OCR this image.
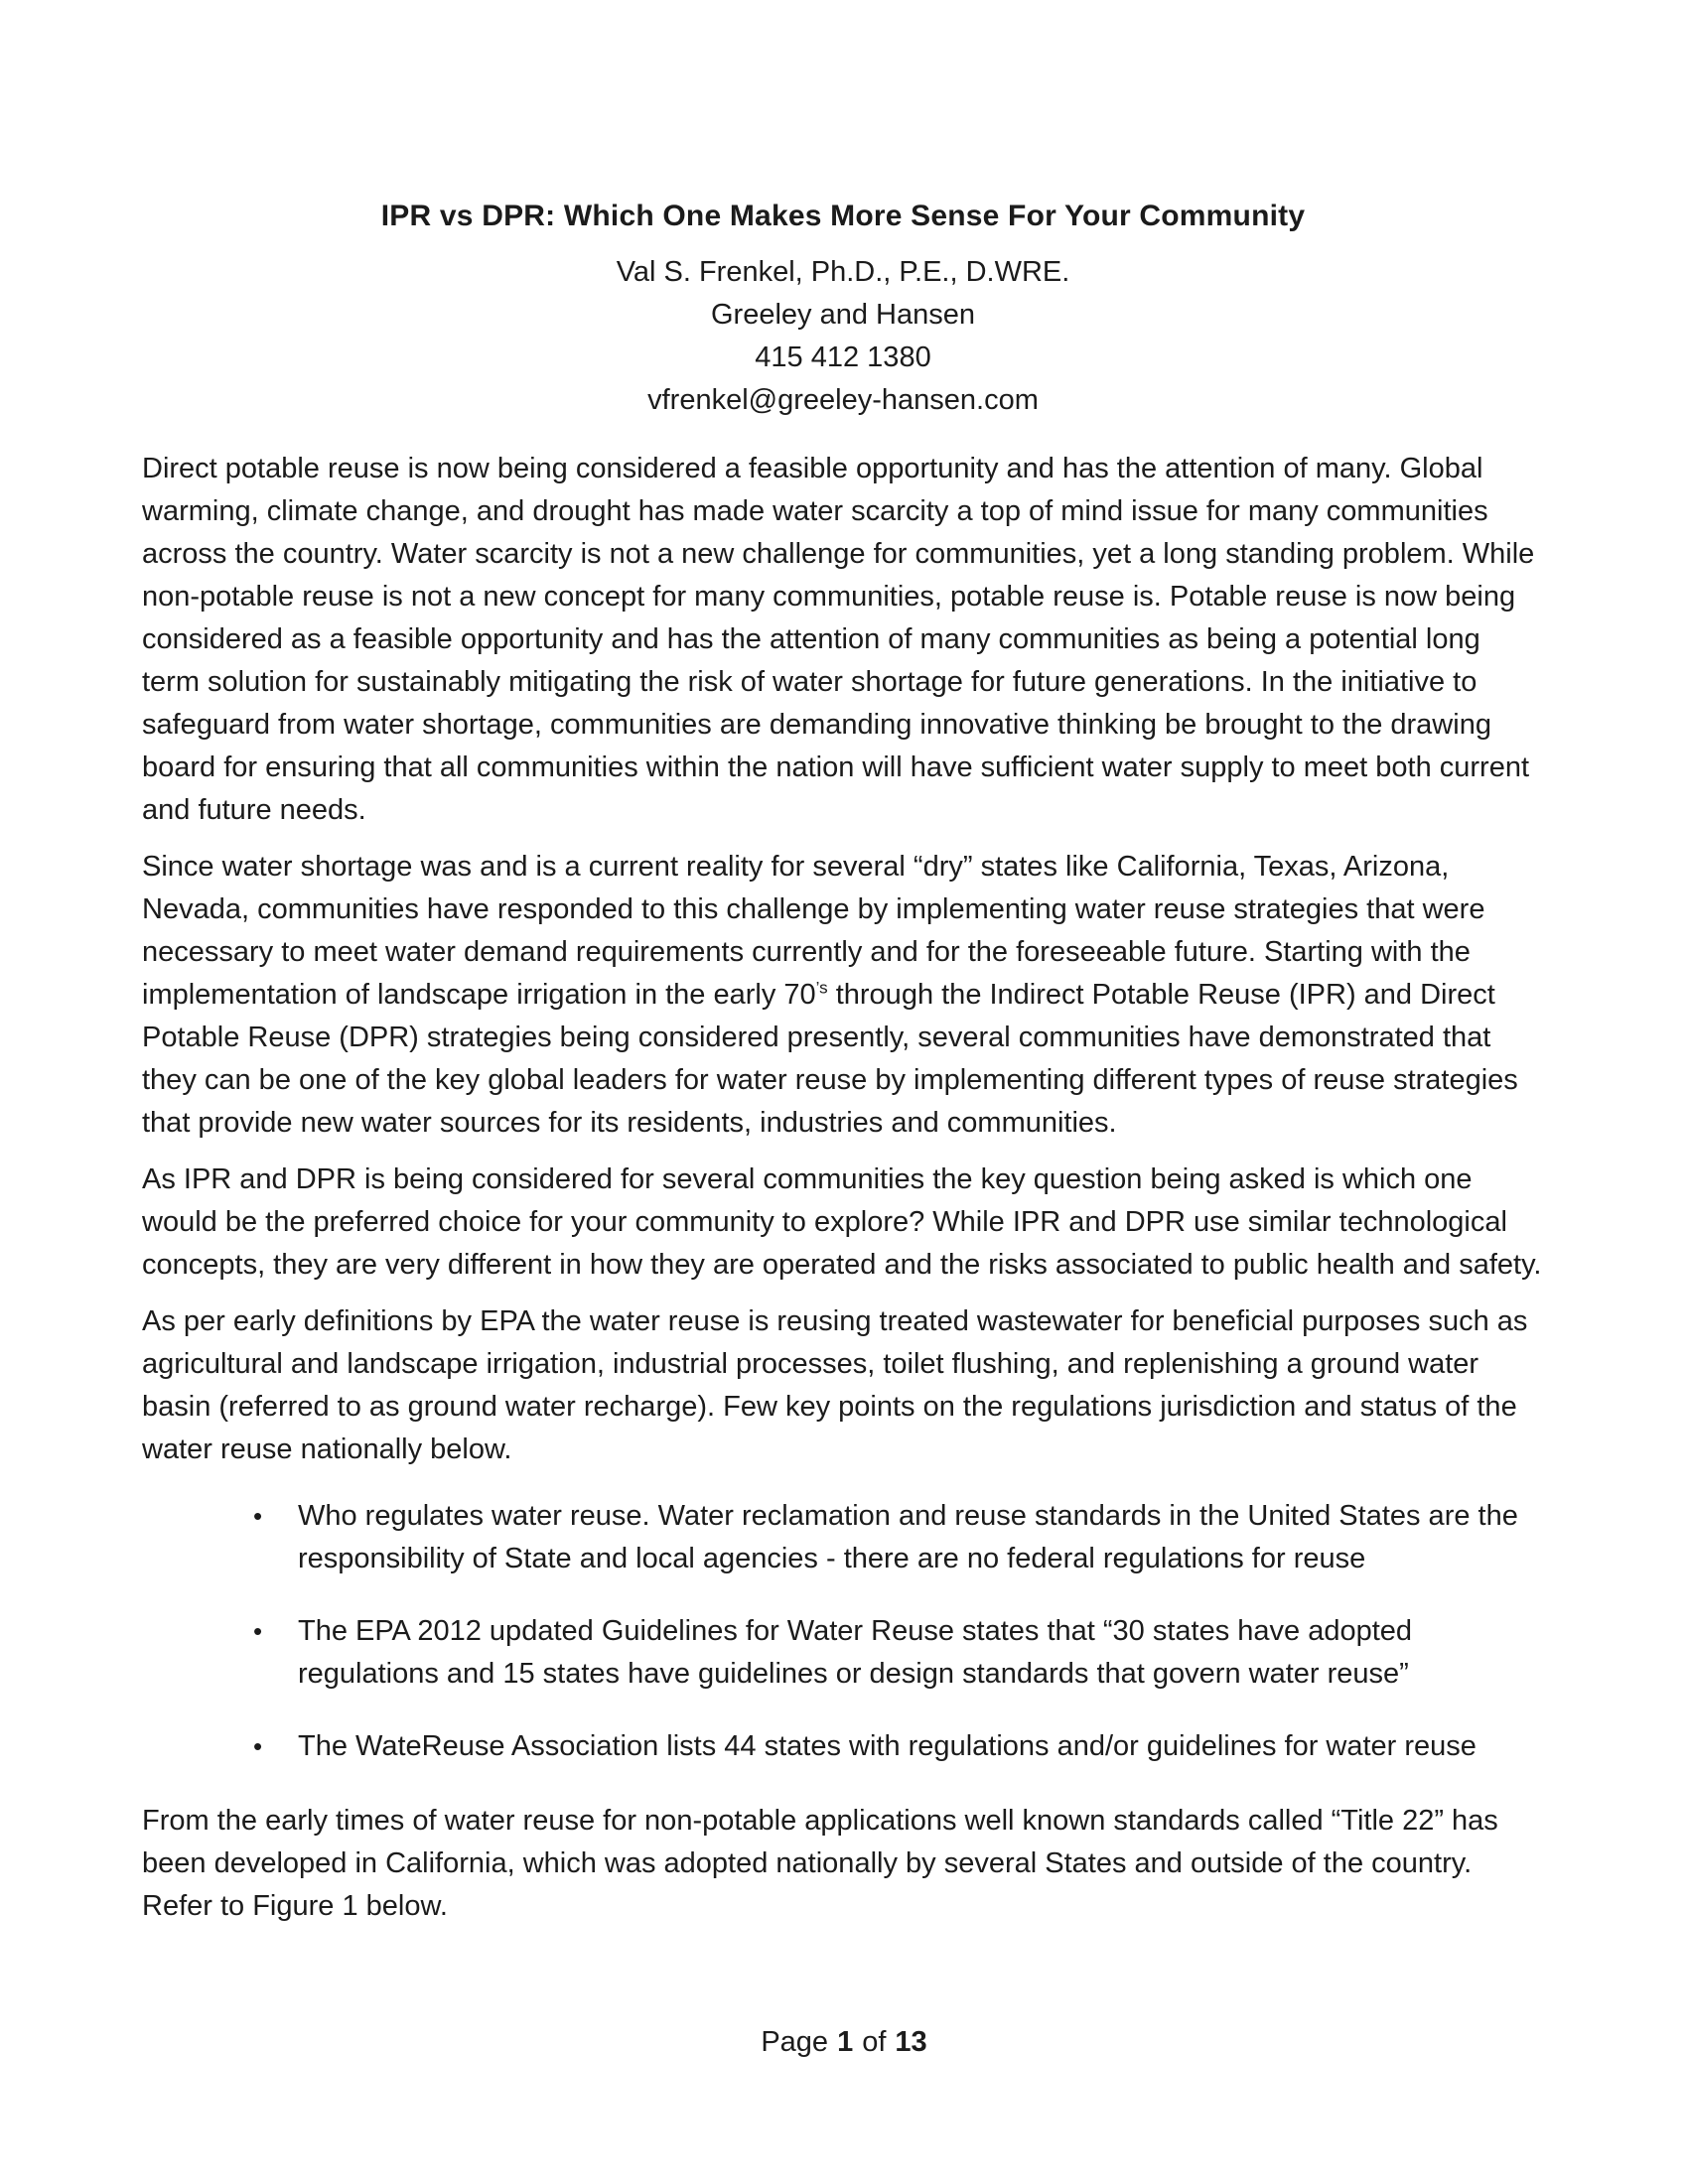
IPR vs DPR: Which One Makes More Sense For Your Community

Val S. Frenkel, Ph.D., P.E., D.WRE.

Greeley and Hansen

415 412 1380

vfrenkel@greeley-hansen.com

Direct potable reuse is now being considered a feasible opportunity and has the attention of many. Global warming, climate change, and drought has made water scarcity a top of mind issue for many communities across the country. Water scarcity is not a new challenge for communities, yet a long standing problem. While non-potable reuse is not a new concept for many communities, potable reuse is. Potable reuse is now being considered as a feasible opportunity and has the attention of many communities as being a potential long term solution for sustainably mitigating the risk of water shortage for future generations. In the initiative to safeguard from water shortage, communities are demanding innovative thinking be brought to the drawing board for ensuring that all communities within the nation will have sufficient water supply to meet both current and future needs.

Since water shortage was and is a current reality for several “dry” states like California, Texas, Arizona, Nevada, communities have responded to this challenge by implementing water reuse strategies that were necessary to meet water demand requirements currently and for the foreseeable future. Starting with the implementation of landscape irrigation in the early $70^{’s}$ through the Indirect Potable Reuse (IPR) and Direct Potable Reuse (DPR) strategies being considered presently, several communities have demonstrated that they can be one of the key global leaders for water reuse by implementing different types of reuse strategies that provide new water sources for its residents, industries and communities.

As IPR and DPR is being considered for several communities the key question being asked is which one would be the preferred choice for your community to explore? While IPR and DPR use similar technological concepts, they are very different in how they are operated and the risks associated to public health and safety.

As per early definitions by EPA the water reuse is reusing treated wastewater for beneficial purposes such as agricultural and landscape irrigation, industrial processes, toilet flushing, and replenishing a ground water basin (referred to as ground water recharge). Few key points on the regulations jurisdiction and status of the water reuse nationally below.

• Who regulates water reuse. Water reclamation and reuse standards in the United States are the responsibility of State and local agencies - there are no federal regulations for reuse
• The EPA 2012 updated Guidelines for Water Reuse states that “30 states have adopted regulations and 15 states have guidelines or design standards that govern water reuse”
• The WateReuse Association lists 44 states with regulations and/or guidelines for water reuse

From the early times of water reuse for non-potable applications well known standards called “Title 22” has been developed in California, which was adopted nationally by several States and outside of the country. Refer to Figure 1 below.

Page 1 of 13
